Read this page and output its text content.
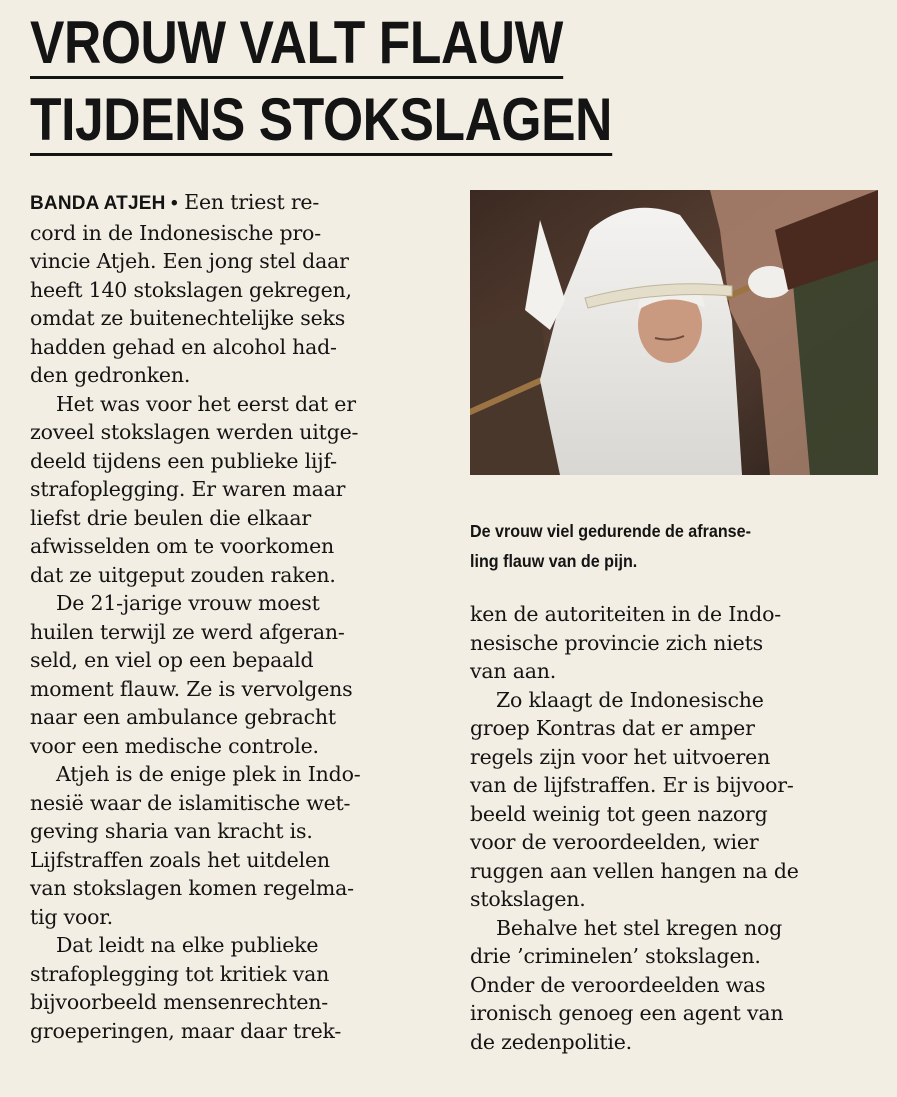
VROUW VALT FLAUW
TIJDENS STOKSLAGEN

BANDA ATJEH • Een triest re-
cord in de Indonesische pro-
vincie Atjeh. Een jong stel daar
heeft 140 stokslagen gekregen,
omdat ze buitenechtelijke seks
hadden gehad en alcohol had-
den gedronken.

Het was voor het eerst dat er
zoveel stokslagen werden uitge-
deeld tijdens een publieke lijf-
strafoplegging. Er waren maar
liefst drie beulen die elkaar
afwisselden om te voorkomen
dat ze uitgeput zouden raken.

De 21-jarige vrouw moest
huilen terwijl ze werd afgeran-
seld, en viel op een bepaald
moment flauw. Ze is vervolgens
naar een ambulance gebracht
voor een medische controle.

Atjeh is de enige plek in Indo-
nesië waar de islamitische wet-
geving sharia van kracht is.
Lijfstraffen zoals het uitdelen
van stokslagen komen regelma-
tig voor.

Dat leidt na elke publieke
strafoplegging tot kritiek van
bijvoorbeeld mensenrechten-
groeperingen, maar daar trek-

De vrouw viel gedurende de afranse-
ling flauw van de pijn.

ken de autoriteiten in de Indo-
nesische provincie zich niets
van aan.

Zo klaagt de Indonesische
groep Kontras dat er amper
regels zijn voor het uitvoeren
van de lijfstraffen. Er is bijvoor-
beeld weinig tot geen nazorg
voor de veroordeelden, wier
ruggen aan vellen hangen na de
stokslagen.

Behalve het stel kregen nog
drie ’criminelen’ stokslagen.
Onder de veroordeelden was
ironisch genoeg een agent van
de zedenpolitie.
